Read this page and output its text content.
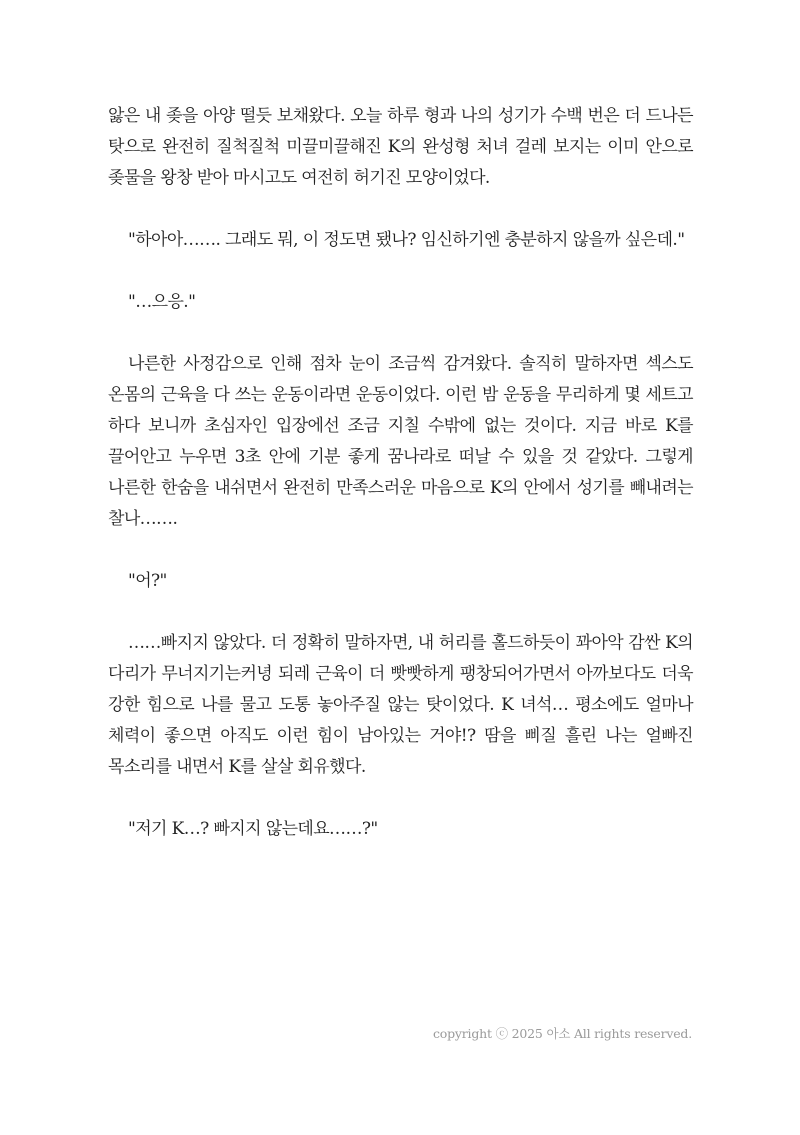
앓은 내 좆을 아양 떨듯 보채왔다. 오늘 하루 형과 나의 성기가 수백 번은 더 드나든 탓으로 완전히 질척질척 미끌미끌해진 K의 완성형 처녀 걸레 보지는 이미 안으로 좆물을 왕창 받아 마시고도 여전히 허기진 모양이었다.

"하아아……. 그래도 뭐, 이 정도면 됐나? 임신하기엔 충분하지 않을까 싶은데."

"…으응."

나른한 사정감으로 인해 점차 눈이 조금씩 감겨왔다. 솔직히 말하자면 섹스도 온몸의 근육을 다 쓰는 운동이라면 운동이었다. 이런 밤 운동을 무리하게 몇 세트고 하다 보니까 초심자인 입장에선 조금 지칠 수밖에 없는 것이다. 지금 바로 K를 끌어안고 누우면 3초 안에 기분 좋게 꿈나라로 떠날 수 있을 것 같았다. 그렇게 나른한 한숨을 내쉬면서 완전히 만족스러운 마음으로 K의 안에서 성기를 빼내려는 찰나…….

"어?"

……빠지지 않았다. 더 정확히 말하자면, 내 허리를 홀드하듯이 꽈아악 감싼 K의 다리가 무너지기는커녕 되레 근육이 더 빳빳하게 팽창되어가면서 아까보다도 더욱 강한 힘으로 나를 물고 도통 놓아주질 않는 탓이었다. K 녀석… 평소에도 얼마나 체력이 좋으면 아직도 이런 힘이 남아있는 거야!? 땀을 삐질 흘린 나는 얼빠진 목소리를 내면서 K를 살살 회유했다.

"저기 K…? 빠지지 않는데요……?"

copyright ⓒ 2025 아소 All rights reserved.
